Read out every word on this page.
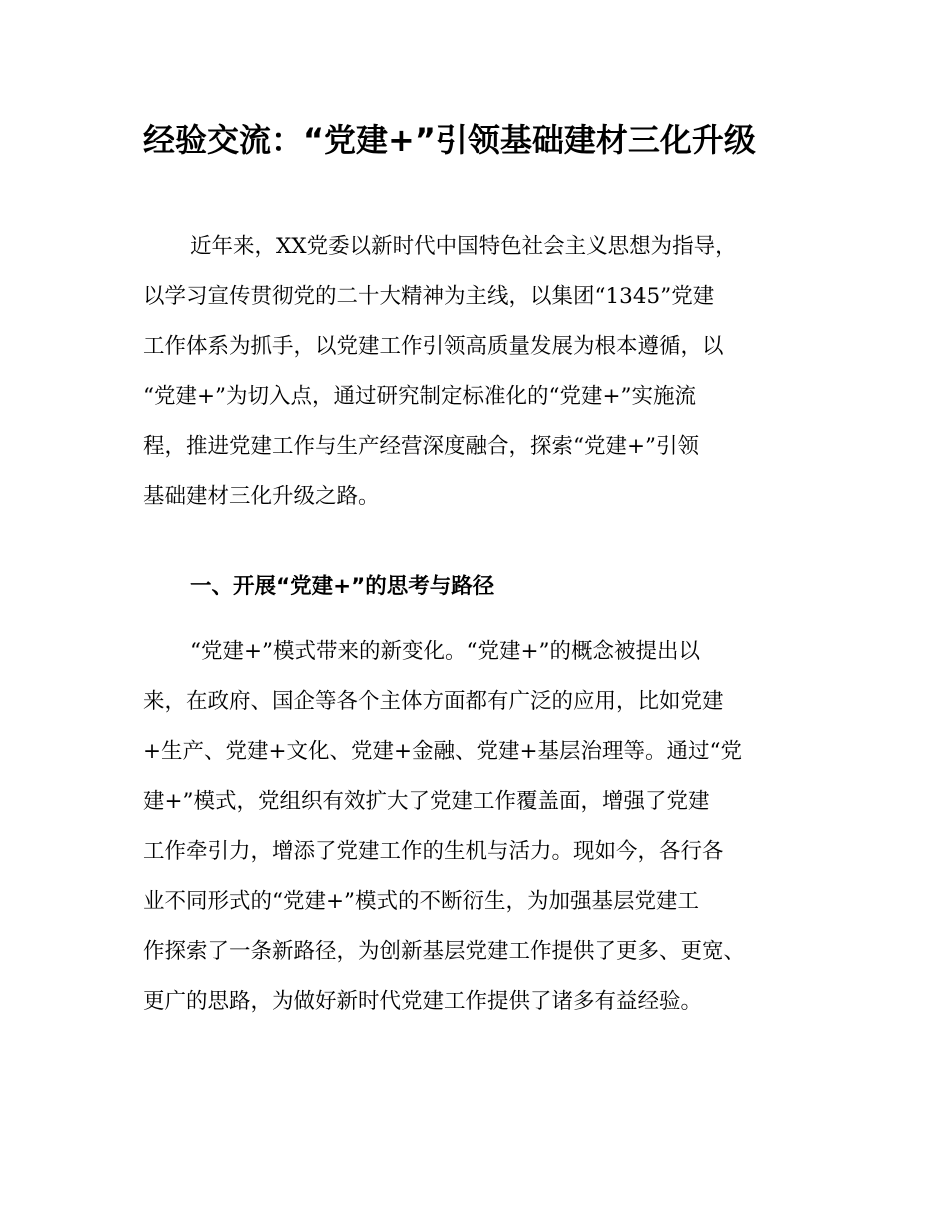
经验交流：“党建+”引领基础建材三化升级
近年来，XX党委以新时代中国特色社会主义思想为指导，
以学习宣传贯彻党的二十大精神为主线，以集团“1345”党建
工作体系为抓手，以党建工作引领高质量发展为根本遵循，以
“党建+”为切入点，通过研究制定标准化的“党建+”实施流
程，推进党建工作与生产经营深度融合，探索“党建+”引领
基础建材三化升级之路。
一、开展“党建+”的思考与路径
“党建+”模式带来的新变化。“党建+”的概念被提出以
来，在政府、国企等各个主体方面都有广泛的应用，比如党建
+生产、党建+文化、党建+金融、党建+基层治理等。通过“党
建+”模式，党组织有效扩大了党建工作覆盖面，增强了党建
工作牵引力，增添了党建工作的生机与活力。现如今，各行各
业不同形式的“党建+”模式的不断衍生，为加强基层党建工
作探索了一条新路径，为创新基层党建工作提供了更多、更宽、
更广的思路，为做好新时代党建工作提供了诸多有益经验。
